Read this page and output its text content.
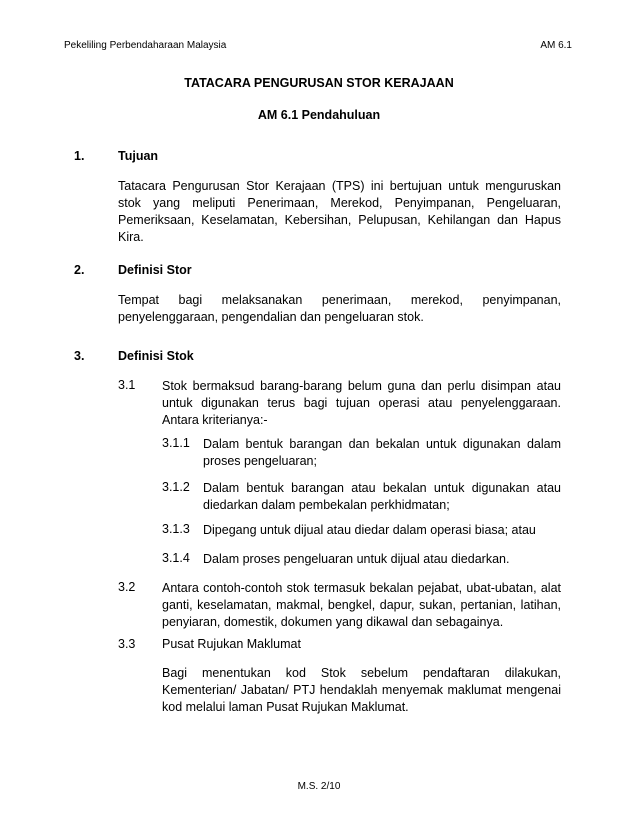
Pekeliling Perbendaharaan Malaysia	AM 6.1
TATACARA PENGURUSAN STOR KERAJAAN
AM 6.1 Pendahuluan
1.	Tujuan

Tatacara Pengurusan Stor Kerajaan (TPS) ini bertujuan untuk menguruskan stok yang meliputi Penerimaan, Merekod, Penyimpanan, Pengeluaran, Pemeriksaan, Keselamatan, Kebersihan, Pelupusan, Kehilangan dan Hapus Kira.

2.	Definisi Stor

Tempat bagi melaksanakan penerimaan, merekod, penyimpanan, penyelenggaraan, pengendalian dan pengeluaran stok.

3.	Definisi Stok
3.1 Stok bermaksud barang-barang belum guna dan perlu disimpan atau untuk digunakan terus bagi tujuan operasi atau penyelenggaraan. Antara kriterianya:-

3.1.1 Dalam bentuk barangan dan bekalan untuk digunakan dalam proses pengeluaran;

3.1.2 Dalam bentuk barangan atau bekalan untuk digunakan atau diedarkan dalam pembekalan perkhidmatan;

3.1.3 Dipegang untuk dijual atau diedar dalam operasi biasa; atau

3.1.4 Dalam proses pengeluaran untuk dijual atau diedarkan.

3.2 Antara contoh-contoh stok termasuk bekalan pejabat, ubat-ubatan, alat ganti, keselamatan, makmal, bengkel, dapur, sukan, pertanian, latihan, penyiaran, domestik, dokumen yang dikawal dan sebagainya.

3.3 Pusat Rujukan Maklumat

Bagi menentukan kod Stok sebelum pendaftaran dilakukan, Kementerian/ Jabatan/ PTJ hendaklah menyemak maklumat mengenai kod melalui laman Pusat Rujukan Maklumat.

M.S. 2/10
